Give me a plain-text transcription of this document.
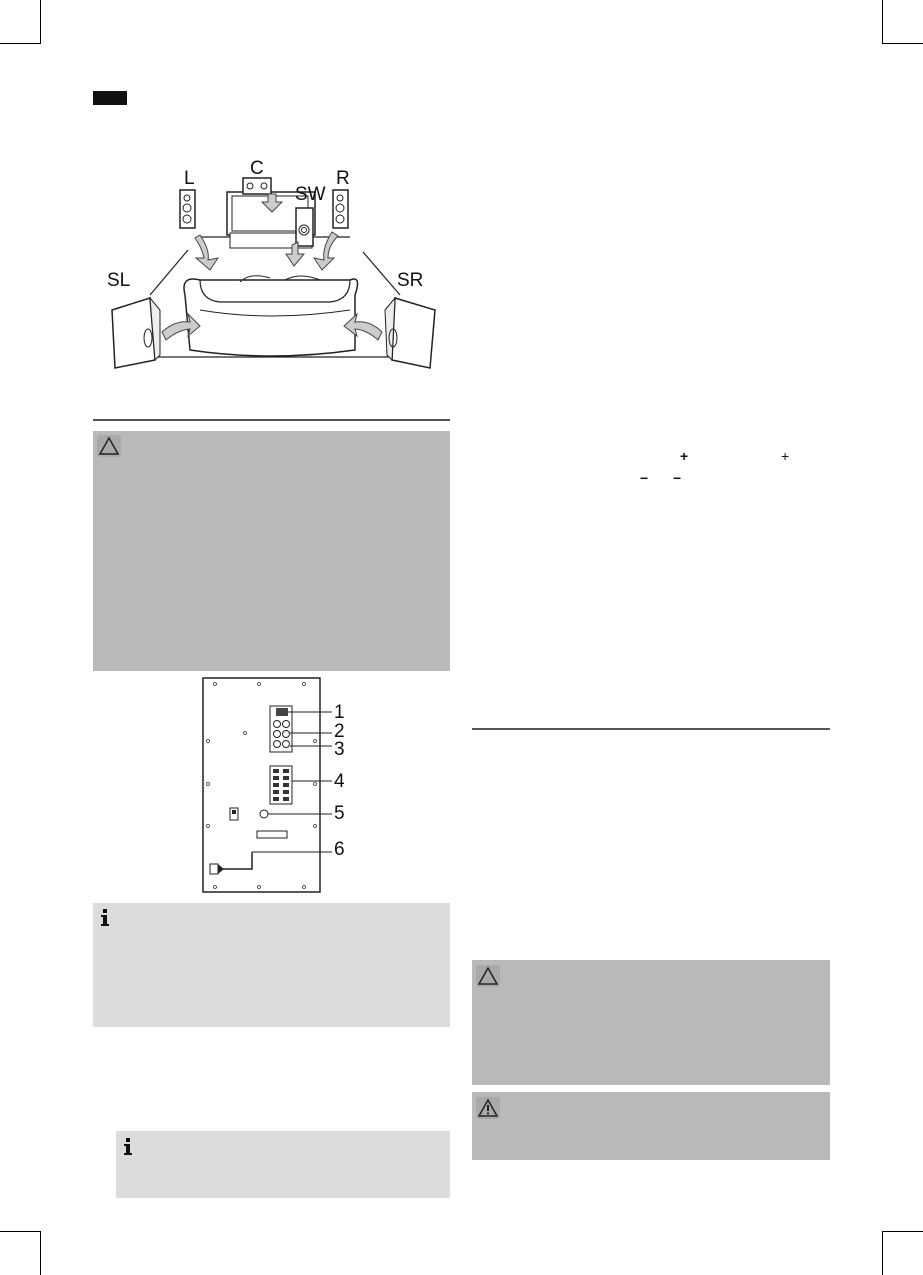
C
L
SW
R
SL	SR
1
2
3
4
5
6
+	+
− −
